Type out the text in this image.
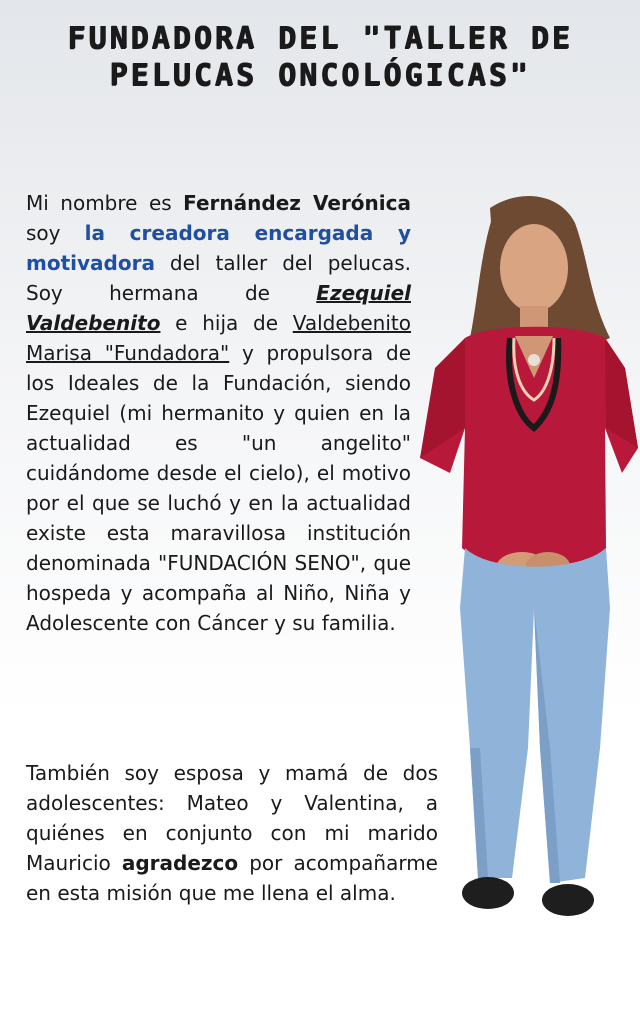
FUNDADORA DEL "TALLER DE PELUCAS ONCOLÓGICAS"

Mi nombre es Fernández Verónica soy la creadora encargada y motivadora del taller del pelucas. Soy hermana de Ezequiel Valdebenito e hija de Valdebenito Marisa "Fundadora" y propulsora de los Ideales de la Fundación, siendo Ezequiel (mi hermanito y quien en la actualidad es "un angelito" cuidándome desde el cielo), el motivo por el que se luchó y en la actualidad existe esta maravillosa institución denominada "FUNDACIÓN SENO", que hospeda y acompaña al Niño, Niña y Adolescente con Cáncer y su familia.

También soy esposa y mamá de dos adolescentes: Mateo y Valentina, a quiénes en conjunto con mi marido Mauricio agradezco por acompañarme en esta misión que me llena el alma.
